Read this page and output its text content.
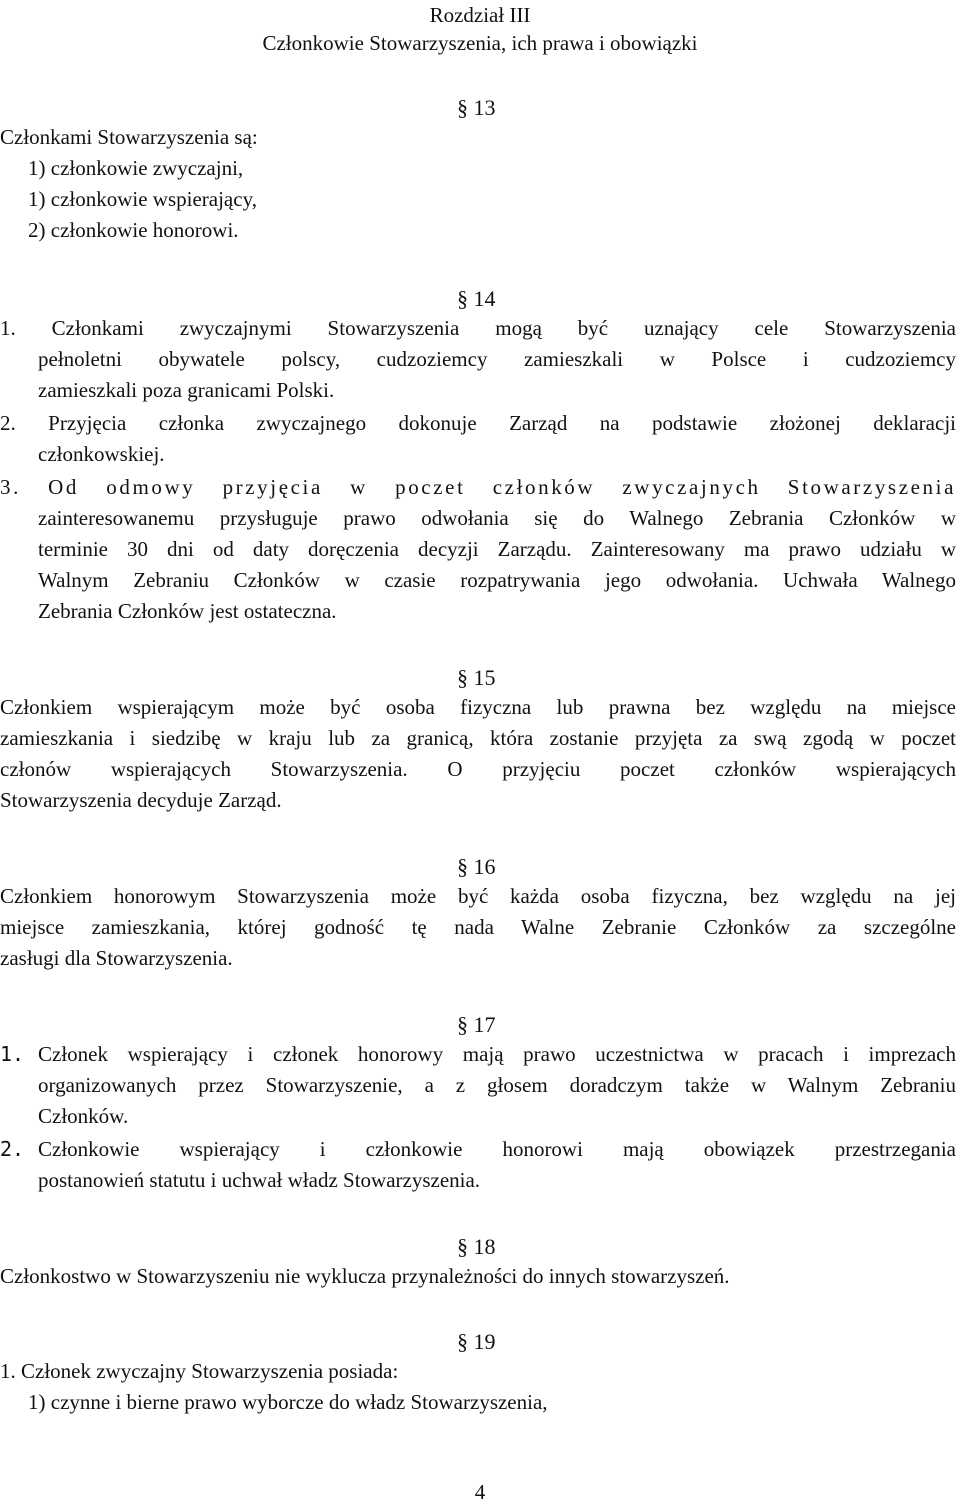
Rozdział III
Członkowie Stowarzyszenia, ich prawa i obowiązki
§ 13
Członkami Stowarzyszenia są:
1) członkowie zwyczajni,
1) członkowie wspierający,
2) członkowie honorowi.
§ 14
1. Członkami zwyczajnymi Stowarzyszenia mogą być uznający cele Stowarzyszenia
pełnoletni obywatele polscy, cudzoziemcy zamieszkali w Polsce i cudzoziemcy
zamieszkali poza granicami Polski.
2. Przyjęcia członka zwyczajnego dokonuje Zarząd na podstawie złożonej deklaracji
członkowskiej.
3. Od odmowy przyjęcia w poczet członków zwyczajnych Stowarzyszenia
zainteresowanemu przysługuje prawo odwołania się do Walnego Zebrania Członków w
terminie 30 dni od daty doręczenia decyzji Zarządu. Zainteresowany ma prawo udziału w
Walnym Zebraniu Członków w czasie rozpatrywania jego odwołania. Uchwała Walnego
Zebrania Członków jest ostateczna.
§ 15
Członkiem wspierającym może być osoba fizyczna lub prawna bez względu na miejsce
zamieszkania i siedzibę w kraju lub za granicą, która zostanie przyjęta za swą zgodą w poczet
członów wspierających Stowarzyszenia. O przyjęciu poczet członków wspierających
Stowarzyszenia decyduje Zarząd.
§ 16
Członkiem honorowym Stowarzyszenia może być każda osoba fizyczna, bez względu na jej
miejsce zamieszkania, której godność tę nada Walne Zebranie Członków za szczególne
zasługi dla Stowarzyszenia.
§ 17
1. Członek wspierający i członek honorowy mają prawo uczestnictwa w pracach i imprezach
organizowanych przez Stowarzyszenie, a z głosem doradczym także w Walnym Zebraniu
Członków.
2. Członkowie wspierający i członkowie honorowi mają obowiązek przestrzegania
postanowień statutu i uchwał władz Stowarzyszenia.
§ 18
Członkostwo w Stowarzyszeniu nie wyklucza przynależności do innych stowarzyszeń.
§ 19
1. Członek zwyczajny Stowarzyszenia posiada:
1) czynne i bierne prawo wyborcze do władz Stowarzyszenia,
4
